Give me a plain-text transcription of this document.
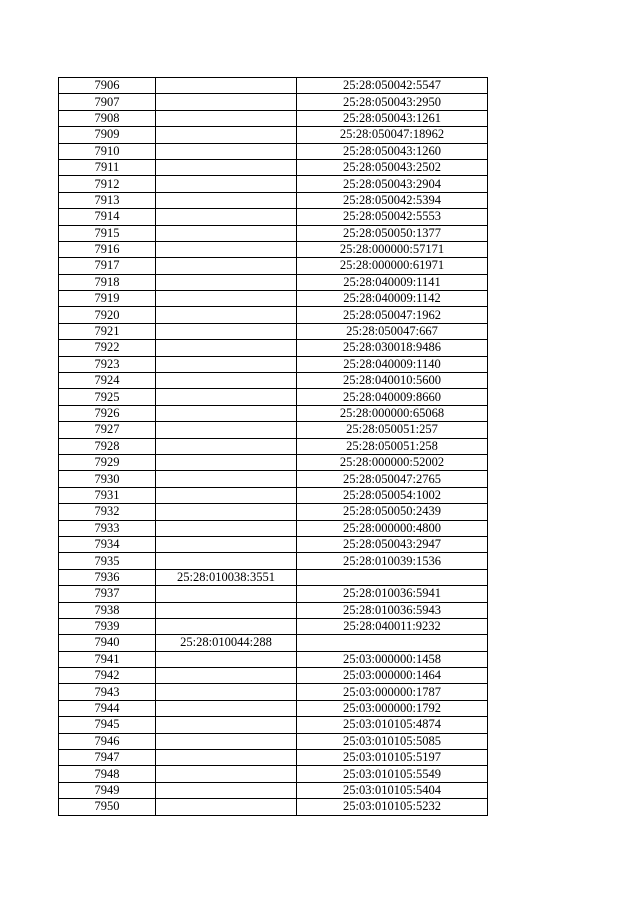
7906		25:28:050042:5547
7907		25:28:050043:2950
7908		25:28:050043:1261
7909		25:28:050047:18962
7910		25:28:050043:1260
7911		25:28:050043:2502
7912		25:28:050043:2904
7913		25:28:050042:5394
7914		25:28:050042:5553
7915		25:28:050050:1377
7916		25:28:000000:57171
7917		25:28:000000:61971
7918		25:28:040009:1141
7919		25:28:040009:1142
7920		25:28:050047:1962
7921		25:28:050047:667
7922		25:28:030018:9486
7923		25:28:040009:1140
7924		25:28:040010:5600
7925		25:28:040009:8660
7926		25:28:000000:65068
7927		25:28:050051:257
7928		25:28:050051:258
7929		25:28:000000:52002
7930		25:28:050047:2765
7931		25:28:050054:1002
7932		25:28:050050:2439
7933		25:28:000000:4800
7934		25:28:050043:2947
7935		25:28:010039:1536
7936	25:28:010038:3551	
7937		25:28:010036:5941
7938		25:28:010036:5943
7939		25:28:040011:9232
7940	25:28:010044:288	
7941		25:03:000000:1458
7942		25:03:000000:1464
7943		25:03:000000:1787
7944		25:03:000000:1792
7945		25:03:010105:4874
7946		25:03:010105:5085
7947		25:03:010105:5197
7948		25:03:010105:5549
7949		25:03:010105:5404
7950		25:03:010105:5232
